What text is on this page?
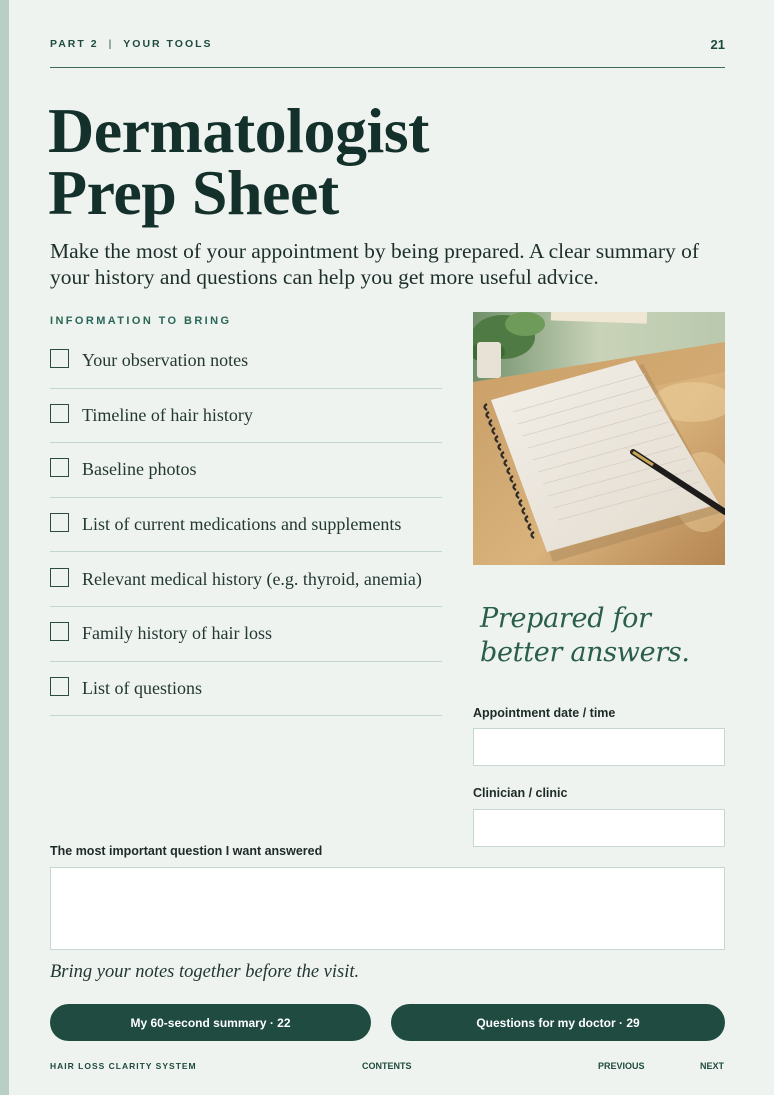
PART 2 | YOUR TOOLS	21
Dermatologist
Prep Sheet

Make the most of your appointment by being prepared. A clear summary of your history and questions can help you get more useful advice.

INFORMATION TO BRING
Your observation notes
Timeline of hair history
Baseline photos
List of current medications and supplements
Relevant medical history (e.g. thyroid, anemia)
Family history of hair loss
List of questions
Prepared for
better answers.
Appointment date / time
Clinician / clinic
The most important question I want answered
Bring your notes together before the visit.
My 60-second summary · 22	Questions for my doctor · 29
HAIR LOSS CLARITY SYSTEM	CONTENTS	PREVIOUS	NEXT
